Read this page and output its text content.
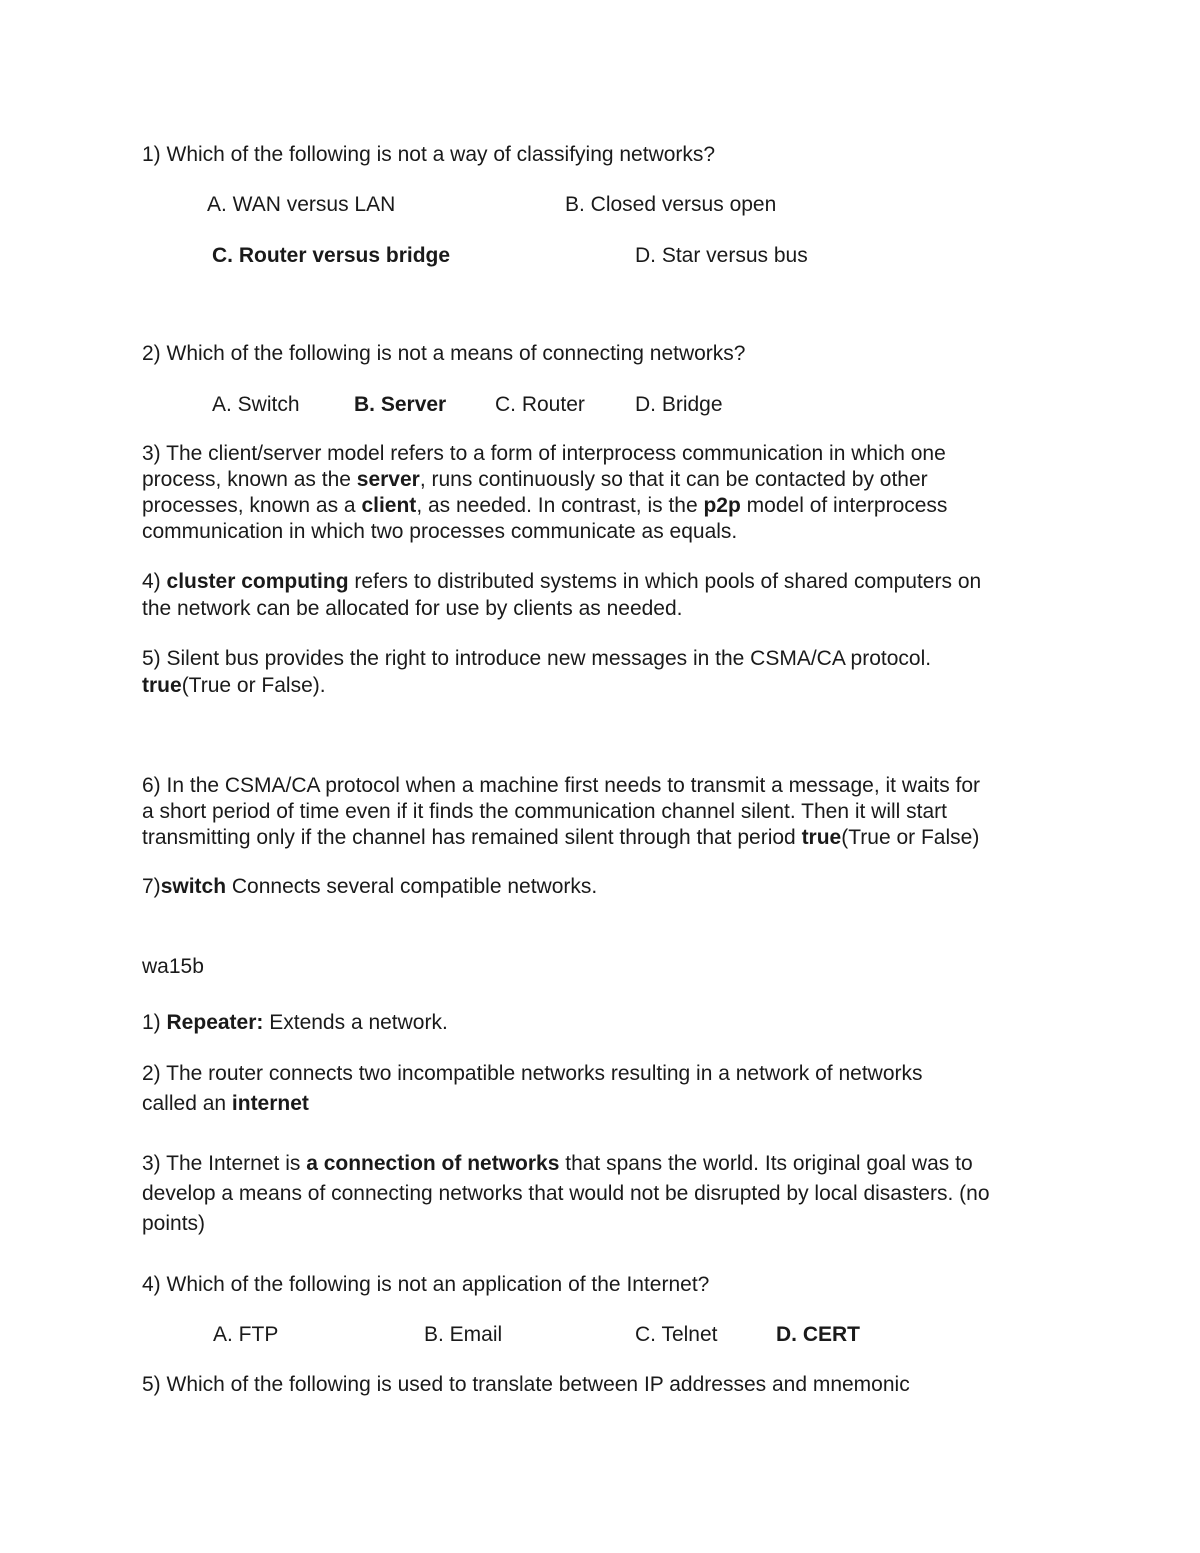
1) Which of the following is not a way of classifying networks?
A. WAN versus LAN	B. Closed versus open
C. Router versus bridge	D. Star versus bus
2) Which of the following is not a means of connecting networks?
A. Switch	B. Server C. Router D. Bridge
3) The client/server model refers to a form of interprocess communication in which one
process, known as the server, runs continuously so that it can be contacted by other
processes, known as a client, as needed. In contrast, is the p2p model of interprocess
communication in which two processes communicate as equals.
4) cluster computing refers to distributed systems in which pools of shared computers on
the network can be allocated for use by clients as needed.
5) Silent bus provides the right to introduce new messages in the CSMA/CA protocol.
true(True or False).
6) In the CSMA/CA protocol when a machine first needs to transmit a message, it waits for
a short period of time even if it finds the communication channel silent. Then it will start
transmitting only if the channel has remained silent through that period true(True or False)
7)switch Connects several compatible networks.
wa15b
1) Repeater: Extends a network.
2) The router connects two incompatible networks resulting in a network of networks
called an internet
3) The Internet is a connection of networks that spans the world. Its original goal was to
develop a means of connecting networks that would not be disrupted by local disasters. (no
points)
4) Which of the following is not an application of the Internet?
A. FTP	B. Email	C. Telnet	D. CERT
5) Which of the following is used to translate between IP addresses and mnemonic
